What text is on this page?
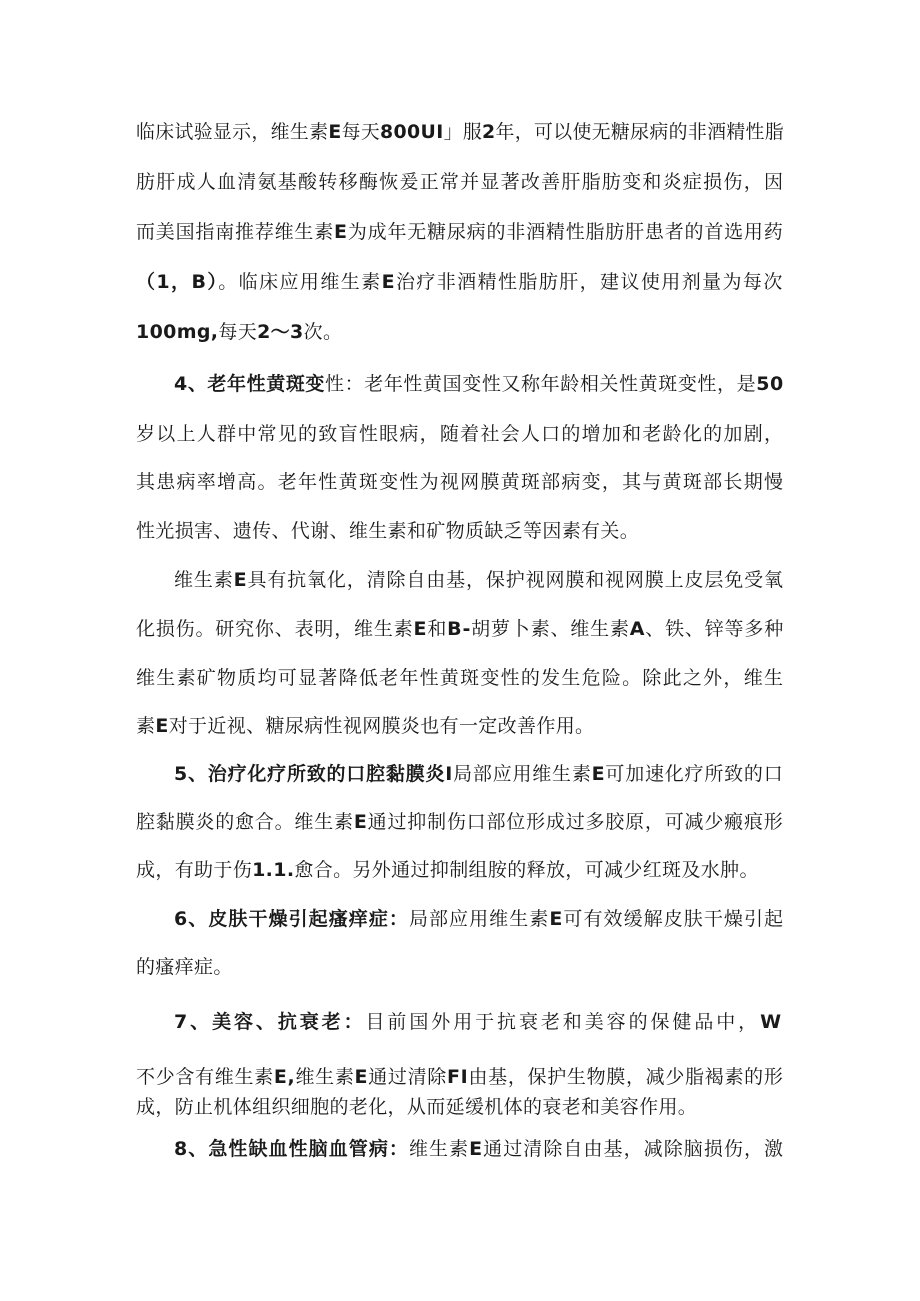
临床试验显示，维生素E每天800UI」服2年，可以使无糖尿病的非酒精性脂

肪肝成人血清氨基酸转移酶恢爰正常并显著改善肝脂肪变和炎症损伤，因

而美国指南推荐维生素E为成年无糖尿病的非酒精性脂肪肝患者的首选用药

（1，B）。临床应用维生素E治疗非酒精性脂肪肝，建议使用剂量为每次

100mg,每天2〜3次。

4、老年性黄斑变性：老年性黄国变性又称年龄相关性黄斑变性，是50

岁以上人群中常见的致盲性眼病，随着社会人口的增加和老龄化的加剧，

其患病率增高。老年性黄斑变性为视网膜黄斑部病变，其与黄斑部长期慢

性光损害、遗传、代谢、维生素和矿物质缺乏等因素有关。

维生素E具有抗氧化，清除自由基，保护视网膜和视网膜上皮层免受氧

化损伤。研究你、表明，维生素E和B-胡萝卜素、维生素A、铁、锌等多种

维生素矿物质均可显著降低老年性黄斑变性的发生危险。除此之外，维生

素E对于近视、糖尿病性视网膜炎也有一定改善作用。

5、治疗化疗所致的口腔黏膜炎I局部应用维生素E可加速化疗所致的口

腔黏膜炎的愈合。维生素E通过抑制伤口部位形成过多胶原，可减少瘢痕形

成，有助于伤1.1.愈合。另外通过抑制组胺的释放，可减少红斑及水肿。

6、皮肤干燥引起瘙痒症：局部应用维生素E可有效缓解皮肤干燥引起

的瘙痒症。

7、美容、抗衰老：目前国外用于抗衰老和美容的保健品中，W

不少含有维生素E,维生素E通过清除FI由基，保护生物膜，减少脂褐素的形

成，防止机体组织细胞的老化，从而延缓机体的衰老和美容作用。

8、急性缺血性脑血管病：维生素E通过清除自由基，减除脑损伤，激
